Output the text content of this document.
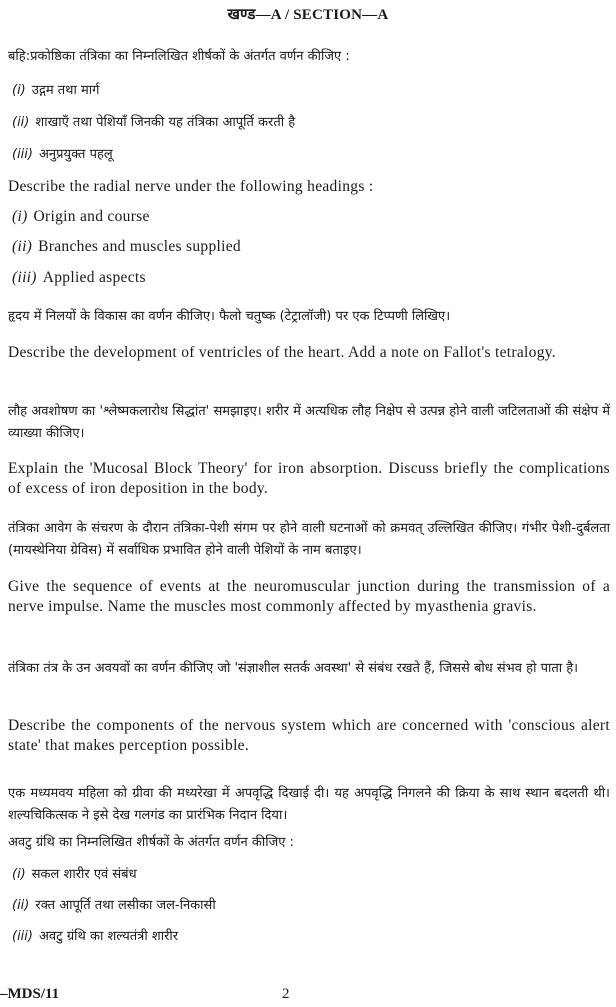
खण्ड—A / SECTION—A
बहि:प्रकोष्ठिका तंत्रिका का निम्नलिखित शीर्षकों के अंतर्गत वर्णन कीजिए :
(i) उद्गम तथा मार्ग
(ii) शाखाएँ तथा पेशियाँ जिनकी यह तंत्रिका आपूर्ति करती है
(iii) अनुप्रयुक्त पहलू
Describe the radial nerve under the following headings :
(i) Origin and course
(ii) Branches and muscles supplied
(iii) Applied aspects
हृदय में निलयों के विकास का वर्णन कीजिए। फैलो चतुष्क (टेट्रालॉजी) पर एक टिप्पणी लिखिए।
Describe the development of ventricles of the heart. Add a note on Fallot's tetralogy.
लौह अवशोषण का 'श्लेष्मकलारोध सिद्धांत' समझाइए। शरीर में अत्यधिक लौह निक्षेप से उत्पन्न होने वाली जटिलताओं की संक्षेप में व्याख्या कीजिए।
Explain the 'Mucosal Block Theory' for iron absorption. Discuss briefly the complications of excess of iron deposition in the body.
तंत्रिका आवेग के संचरण के दौरान तंत्रिका-पेशी संगम पर होने वाली घटनाओं को क्रमवत् उल्लिखित कीजिए। गंभीर पेशी-दुर्बलता (मायस्थेनिया ग्रेविस) में सर्वाधिक प्रभावित होने वाली पेशियों के नाम बताइए।
Give the sequence of events at the neuromuscular junction during the transmission of a nerve impulse. Name the muscles most commonly affected by myasthenia gravis.
तंत्रिका तंत्र के उन अवयवों का वर्णन कीजिए जो 'संज्ञाशील सतर्क अवस्था' से संबंध रखते हैं, जिससे बोध संभव हो पाता है।
Describe the components of the nervous system which are concerned with 'conscious alert state' that makes perception possible.
एक मध्यमवय महिला को ग्रीवा की मध्यरेखा में अपवृद्धि दिखाई दी। यह अपवृद्धि निगलने की क्रिया के साथ स्थान बदलती थी। शल्यचिकित्सक ने इसे देख गलगंड का प्रारंभिक निदान दिया।
अवटु ग्रंथि का निम्नलिखित शीर्षकों के अंतर्गत वर्णन कीजिए :
(i) सकल शारीर एवं संबंध
(ii) रक्त आपूर्ति तथा लसीका जल-निकासी
(iii) अवटु ग्रंथि का शल्यतंत्री शारीर
–MDS/11	2
